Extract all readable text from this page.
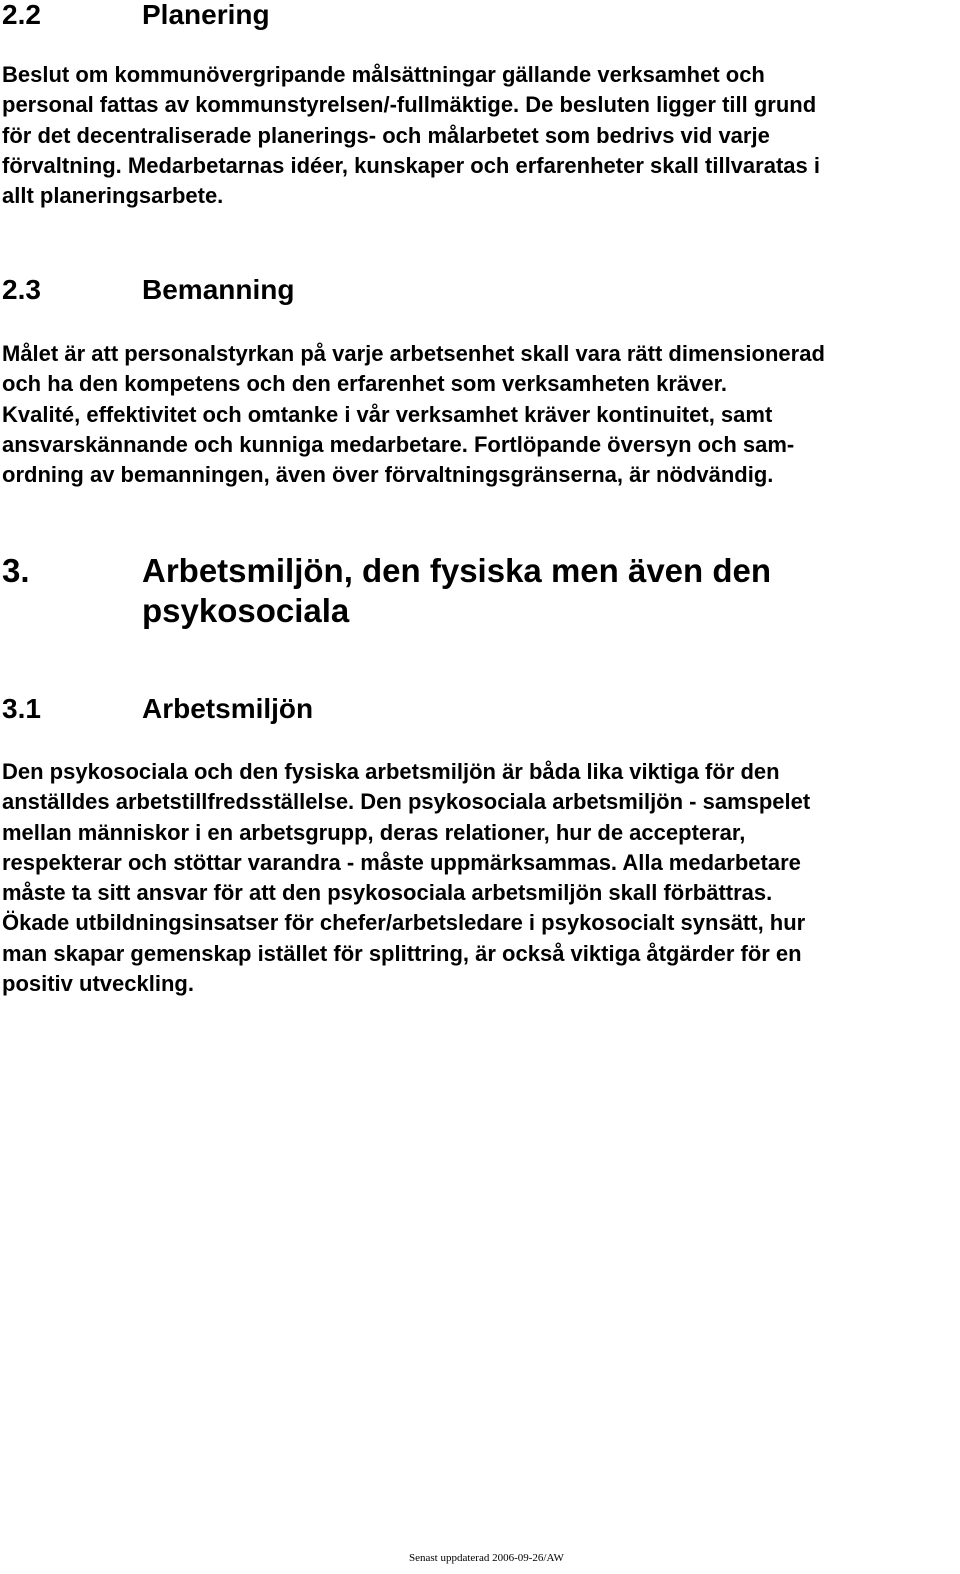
2.2	Planering

Beslut om kommunövergripande målsättningar gällande verksamhet och
personal fattas av kommunstyrelsen/-fullmäktige. De besluten ligger till grund
för det decentraliserade planerings- och målarbetet som bedrivs vid varje
förvaltning. Medarbetarnas idéer, kunskaper och erfarenheter skall tillvaratas i
allt planeringsarbete.

2.3	Bemanning

Målet är att personalstyrkan på varje arbetsenhet skall vara rätt dimensionerad
och ha den kompetens och den erfarenhet som verksamheten kräver.
Kvalité, effektivitet och omtanke i vår verksamhet kräver kontinuitet, samt
ansvarskännande och kunniga medarbetare. Fortlöpande översyn och sam-
ordning av bemanningen, även över förvaltningsgränserna, är nödvändig.

3.	Arbetsmiljön, den fysiska men även den psykosociala
3.1	Arbetsmiljön

Den psykosociala och den fysiska arbetsmiljön är båda lika viktiga för den
anställdes arbetstillfredsställelse. Den psykosociala arbetsmiljön - samspelet
mellan människor i en arbetsgrupp, deras relationer, hur de accepterar,
respekterar och stöttar varandra - måste uppmärksammas. Alla medarbetare
måste ta sitt ansvar för att den psykosociala arbetsmiljön skall förbättras.
Ökade utbildningsinsatser för chefer/arbetsledare i psykosocialt synsätt, hur
man skapar gemenskap istället för splittring, är också viktiga åtgärder för en
positiv utveckling.

Senast uppdaterad 2006-09-26/AW
